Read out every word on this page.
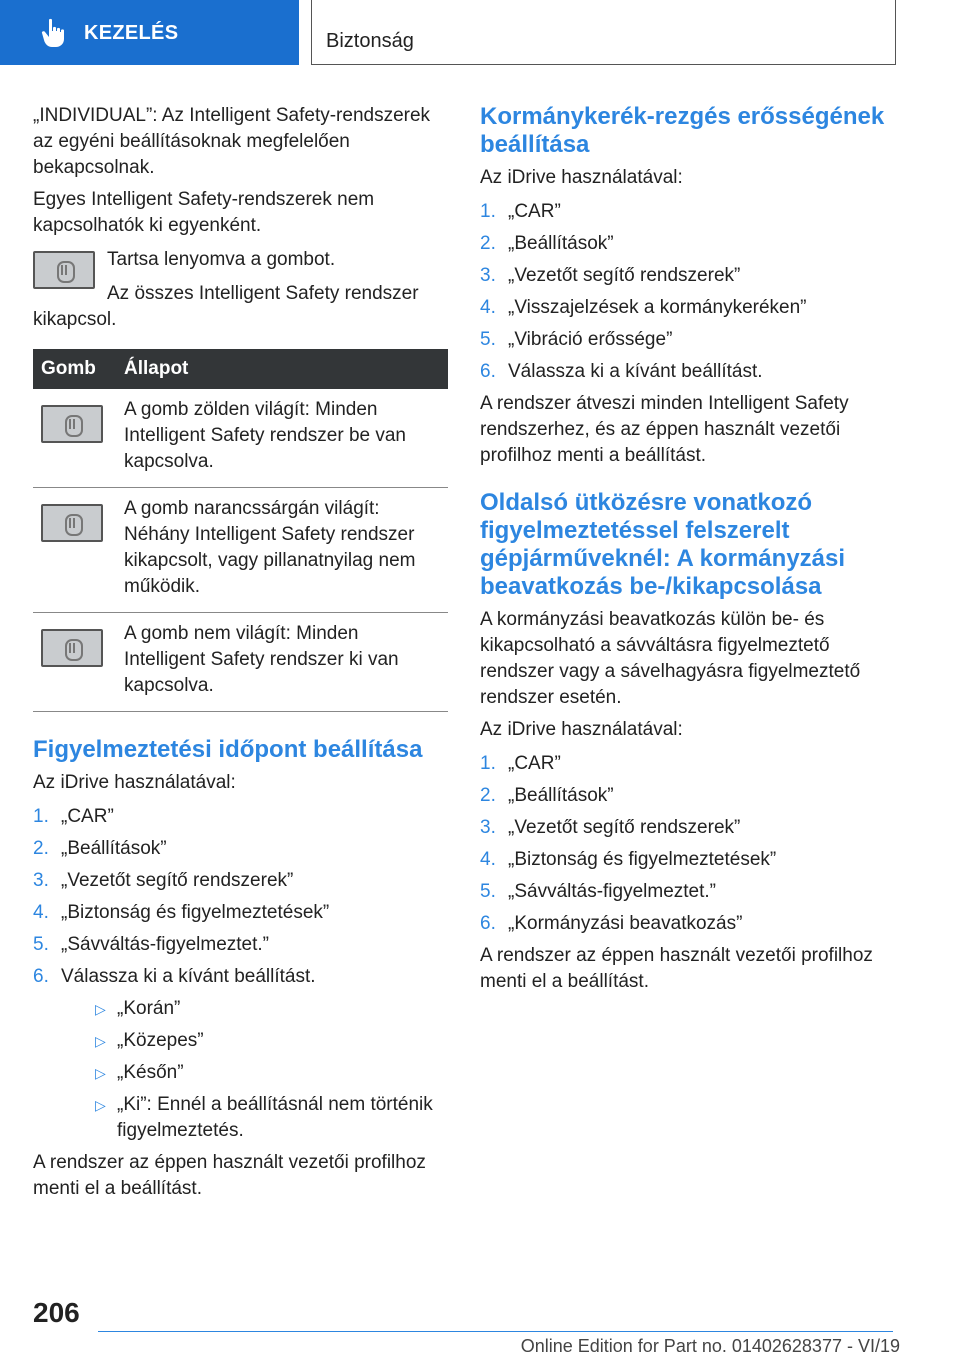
KEZELÉS	Biztonság

„INDIVIDUAL”: Az Intelligent Safety-rendszerek az egyéni beállításoknak megfelelően bekapcsolnak.

Egyes Intelligent Safety-rendszerek nem kapcsolhatók ki egyenként.

Tartsa lenyomva a gombot.

Az összes Intelligent Safety rendszer kikapcsol.

Gomb	Állapot

	A gomb zölden világít: Minden Intelligent Safety rendszer be van kapcsolva.

	A gomb narancssárgán világít: Néhány Intelligent Safety rendszer kikapcsolt, vagy pillanatnyilag nem működik.

	A gomb nem világít: Minden Intelligent Safety rendszer ki van kapcsolva.
Figyelmeztetési időpont beállítása

Az iDrive használatával:

1. „CAR”
2. „Beállítások”
3. „Vezetőt segítő rendszerek”
4. „Biztonság és figyelmeztetések”
5. „Sávváltás-figyelmeztet.”
6. Válassza ki a kívánt beállítást.
▷ „Korán”
▷ „Közepes”
▷ „Későn”
▷ „Ki”: Ennél a beállításnál nem történik figyelmeztetés.

A rendszer az éppen használt vezetői profilhoz menti el a beállítást.

Kormánykerék-rezgés erősségének beállítása

Az iDrive használatával:

1. „CAR”
2. „Beállítások”
3. „Vezetőt segítő rendszerek”
4. „Visszajelzések a kormánykeréken”
5. „Vibráció erőssége”
6. Válassza ki a kívánt beállítást.

A rendszer átveszi minden Intelligent Safety rendszerhez, és az éppen használt vezetői profilhoz menti a beállítást.

Oldalsó ütközésre vonatkozó figyelmeztetéssel felszerelt gépjárműveknél: A kormányzási beavatkozás be-/kikapcsolása

A kormányzási beavatkozás külön be- és kikapcsolható a sávváltásra figyelmeztető rendszer vagy a sávelhagyásra figyelmeztető rendszer esetén.

Az iDrive használatával:

1. „CAR”
2. „Beállítások”
3. „Vezetőt segítő rendszerek”
4. „Biztonság és figyelmeztetések”
5. „Sávváltás-figyelmeztet.”
6. „Kormányzási beavatkozás”

A rendszer az éppen használt vezetői profilhoz menti el a beállítást.

206
Online Edition for Part no. 01402628377 - VI/19
